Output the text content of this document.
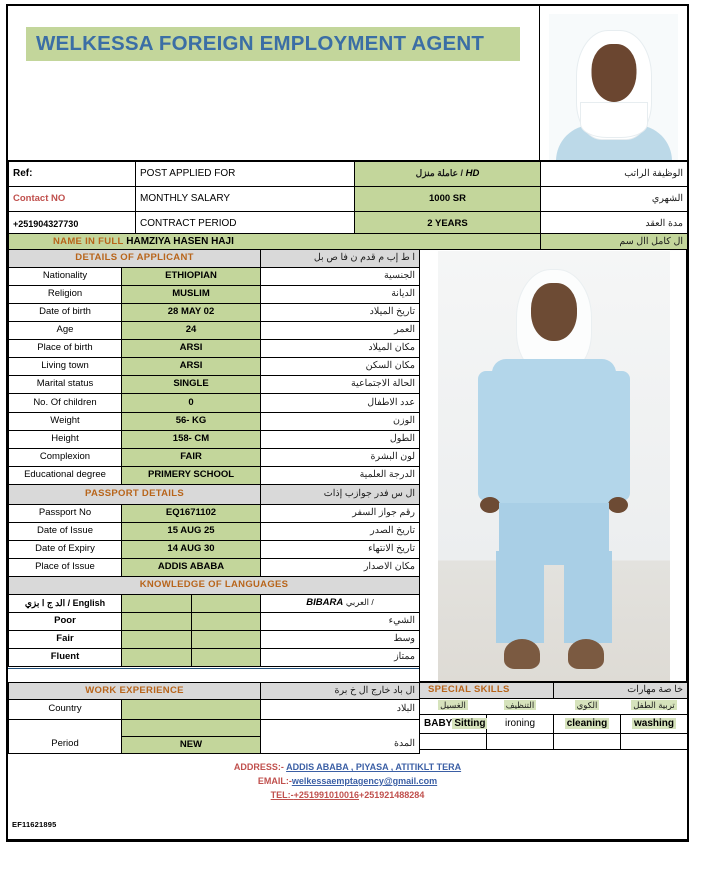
WELKESSA FOREIGN EMPLOYMENT AGENT
Ref:	POST APPLIED FOR	عاملة منزل / HD	الوظيفة الراتب
Contact NO	MONTHLY SALARY	1000 SR	الشهري
+251904327730	CONTRACT PERIOD	2 YEARS	مدة العقد
NAME IN FULL HAMZIYA HASEN HAJI	ال كامل اال سم
DETAILS OF APPLICANT			ا ط إب م قدم ن فا ص بل
Nationality	ETHIOPIAN		الجنسية
Religion	MUSLIM		الديانة
Date of birth	28 MAY 02		تاريخ الميلاد
Age	24		العمر
Place of birth	ARSI		مكان الميلاد
Living town	ARSI		مكان السكن
Marital status	SINGLE		الحالة الاجتماعية
No. Of children	0		عدد الاطفال
Weight	56- KG		الوزن
Height	158- CM		الطول
Complexion	FAIR		لون البشرة
Educational degree	PRIMERY SCHOOL		الدرجة العلمية
PASSPORT DETAILS			ال س فدر جوازب إذات
Passport No	EQ1671102		رقم جواز السفر
Date of Issue	15 AUG 25		تاريخ الصدر
Date of Expiry	14 AUG 30		تاريخ الانتهاء
Place of Issue	ADDIS ABABA		مكان الاصدار
KNOWLEDGE OF LANGUAGES			
الد ج ا بزي / English			BIBARA العربي /
Poor			الشيء
Fair			وسط
Fluent			ممتاز
WORK EXPERIENCE		ال باد خارج ال خ برة
Country		البلاد

Period	NEW	المدة
SPECIAL SKILLS		خا صة مهارات	
الغسيل	التنظيف	الكوي	تربية الطفل
BABY Sitting	ironing	cleaning	washing

ADDRESS:- ADDIS ABABA , PIYASA , ATITIKLT TERA
EMAIL:-welkessaemptagency@gmail.com
TEL:-+251991010016+251921488284
EF11621895
